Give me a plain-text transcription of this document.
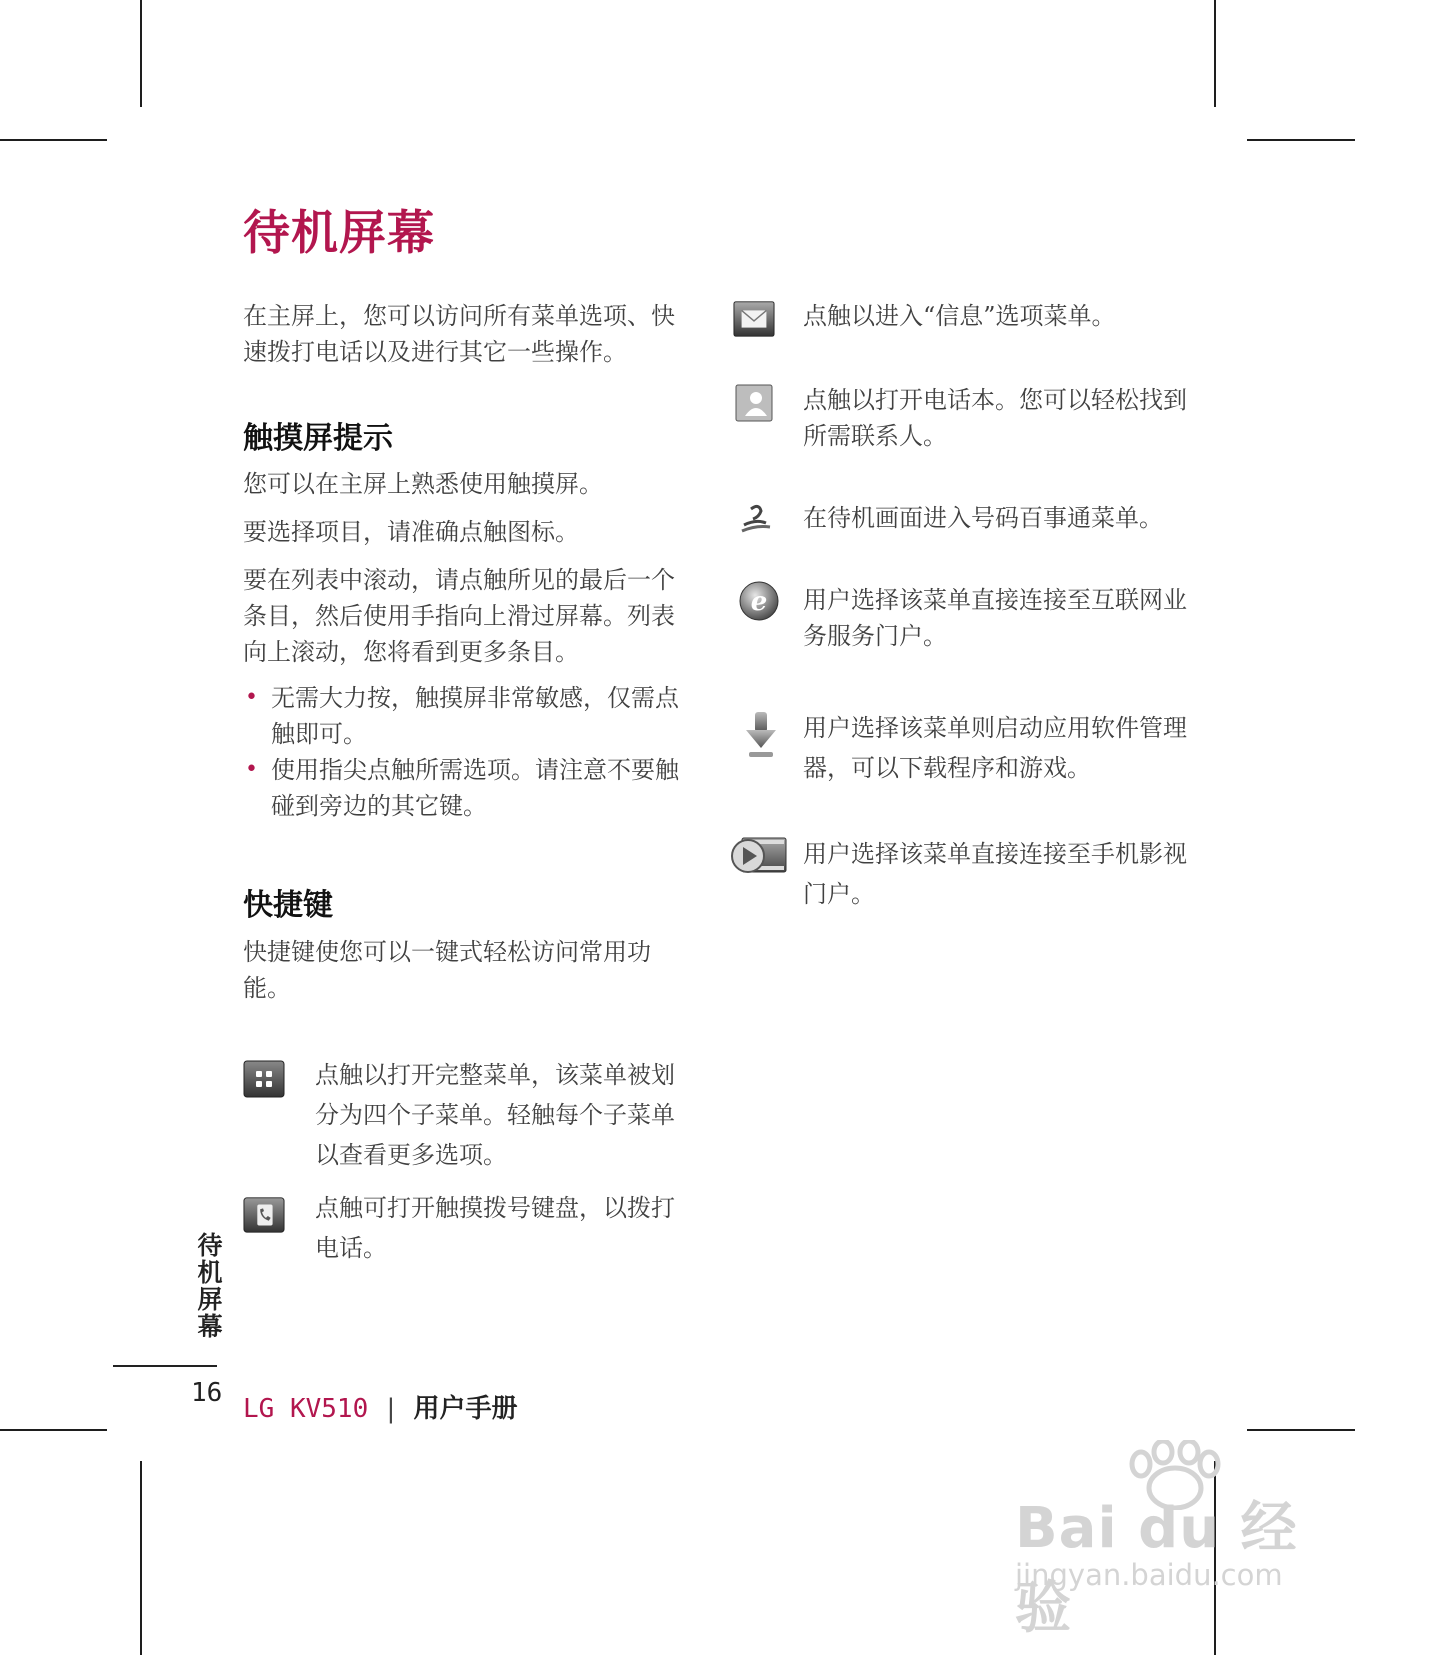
待机屏幕

在主屏上，您可以访问所有菜单选项、快速拨打电话以及进行其它一些操作。

触摸屏提示

您可以在主屏上熟悉使用触摸屏。

要选择项目，请准确点触图标。

要在列表中滚动，请点触所见的最后一个条目，然后使用手指向上滑过屏幕。列表向上滚动，您将看到更多条目。

• 无需大力按，触摸屏非常敏感，仅需点触即可。
• 使用指尖点触所需选项。请注意不要触碰到旁边的其它键。
快捷键

快捷键使您可以一键式轻松访问常用功能。

点触以打开完整菜单，该菜单被划分为四个子菜单。轻触每个子菜单以查看更多选项。

点触可打开触摸拨号键盘，以拨打电话。

点触以进入“信息”选项菜单。

点触以打开电话本。您可以轻松找到所需联系人。

在待机画面进入号码百事通菜单。

e 用户选择该菜单直接连接至互联网业务服务门户。

用户选择该菜单则启动应用软件管理器，可以下载程序和游戏。

用户选择该菜单直接连接至手机影视门户。

待机屏幕
16
LG KV510 | 用户手册
Bai du 经验
jingyan.baidu.com
